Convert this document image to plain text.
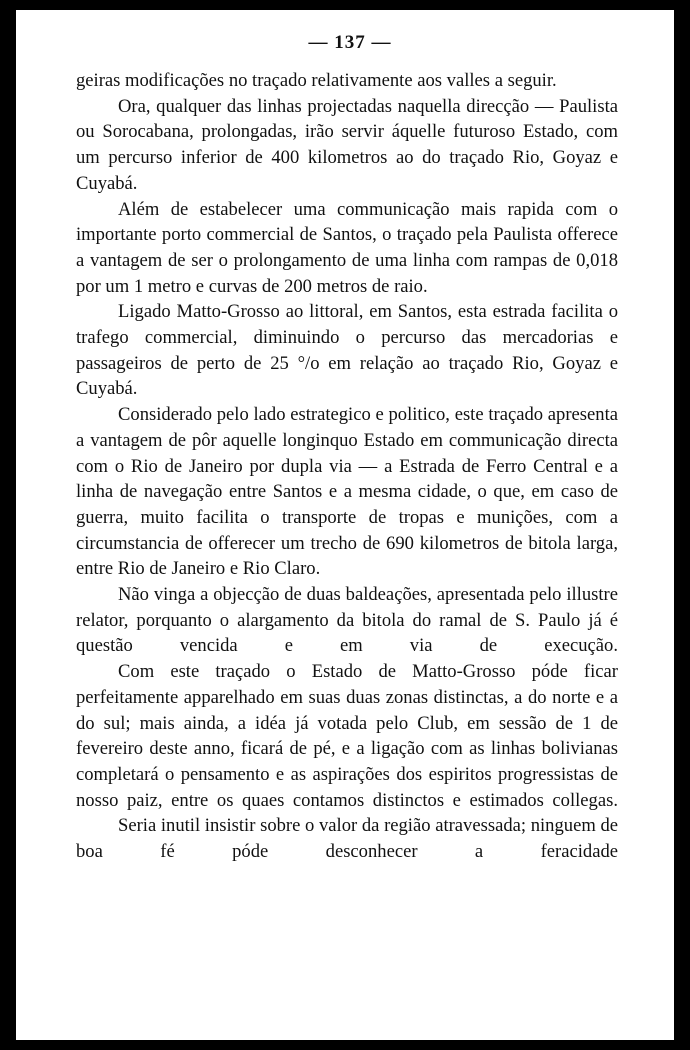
— 137 —

geiras modificações no traçado relativamente aos valles a seguir.

Ora, qualquer das linhas projectadas naquella direcção — Paulista ou Sorocabana, prolongadas, irão servir áquelle futuroso Estado, com um percurso inferior de 400 kilometros ao do traçado Rio, Goyaz e Cuyabá.

Além de estabelecer uma communicação mais rapida com o importante porto commercial de Santos, o traçado pela Paulista offerece a vantagem de ser o prolongamento de uma linha com rampas de 0,018 por um 1 metro e curvas de 200 metros de raio.

Ligado Matto-Grosso ao littoral, em Santos, esta estrada facilita o trafego commercial, diminuindo o percurso das mercadorias e passageiros de perto de 25 °/o em relação ao traçado Rio, Goyaz e Cuyabá.

Considerado pelo lado estrategico e politico, este traçado apresenta a vantagem de pôr aquelle longinquo Estado em communicação directa com o Rio de Janeiro por dupla via — a Estrada de Ferro Central e a linha de navegação entre Santos e a mesma cidade, o que, em caso de guerra, muito facilita o transporte de tropas e munições, com a circumstancia de offerecer um trecho de 690 kilometros de bitola larga, entre Rio de Janeiro e Rio Claro.

Não vinga a objecção de duas baldeações, apresentada pelo illustre relator, porquanto o alargamento da bitola do ramal de S. Paulo já é questão vencida e em via de execução.

Com este traçado o Estado de Matto-Grosso póde ficar perfeitamente apparelhado em suas duas zonas distinctas, a do norte e a do sul; mais ainda, a idéa já votada pelo Club, em sessão de 1 de fevereiro deste anno, ficará de pé, e a ligação com as linhas bolivianas completará o pensamento e as aspirações dos espiritos progressistas de nosso paiz, entre os quaes contamos distinctos e estimados collegas.

Seria inutil insistir sobre o valor da região atravessada; ninguem de boa fé póde desconhecer a feracidade
